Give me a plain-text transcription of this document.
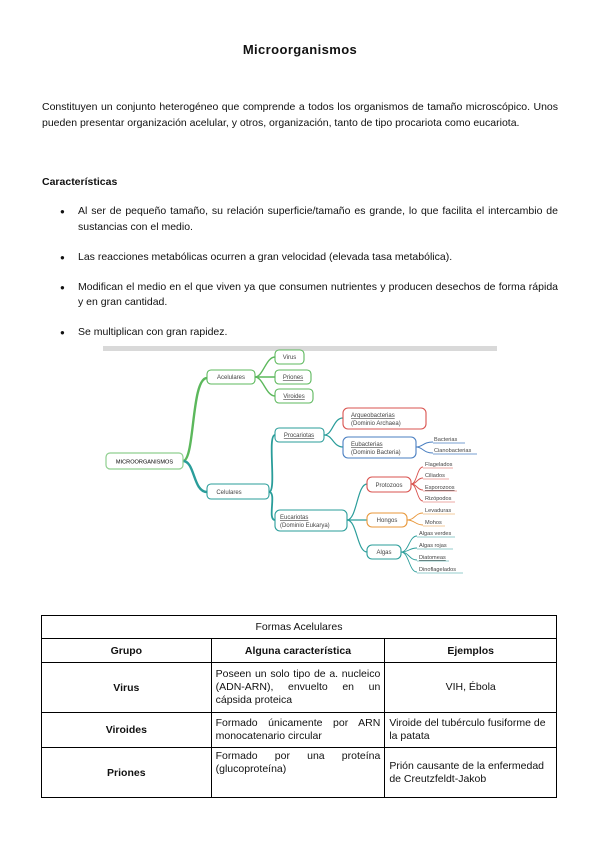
Microorganismos

Constituyen un conjunto heterogéneo que comprende a todos los organismos de tamaño microscópico. Unos pueden presentar organización acelular, y otros, organización, tanto de tipo procariota como eucariota.

Características
● Al ser de pequeño tamaño, su relación superficie/tamaño es grande, lo que facilita el intercambio de sustancias con el medio.
● Las reacciones metabólicas ocurren a gran velocidad (elevada tasa metabólica).
● Modifican el medio en el que viven ya que consumen nutrientes y producen desechos de forma rápida y en gran cantidad.
● Se multiplican con gran rapidez.
MICROORGANISMOS
Acelulares
Virus
Priones
Viroides
Celulares
Procariotas
Arqueobacterias
(Dominio Archaea)
Eubacterias
(Dominio Bacteria)
Bacterias
Cianobacterias
Eucariotas
(Dominio Eukarya)
Protozoos
Flagelados
Ciliados
Esporozoos
Rizópodos
Hongos
Levaduras
Mohos
Algas
Algas verdes
Algas rojas
Diatomeas
Dinoflagelados
Formas Acelulares		
Grupo	Alguna característica	Ejemplos
Virus	Poseen un solo tipo de a. nucleico (ADN-ARN), envuelto en un cápsida proteica	VIH, Ébola
Viroides	Formado únicamente por ARN monocatenario circular	Viroide del tubérculo fusiforme de la patata
Priones	Formado por una proteína (glucoproteína)	Prión causante de la enfermedad de Creutzfeldt-Jakob
